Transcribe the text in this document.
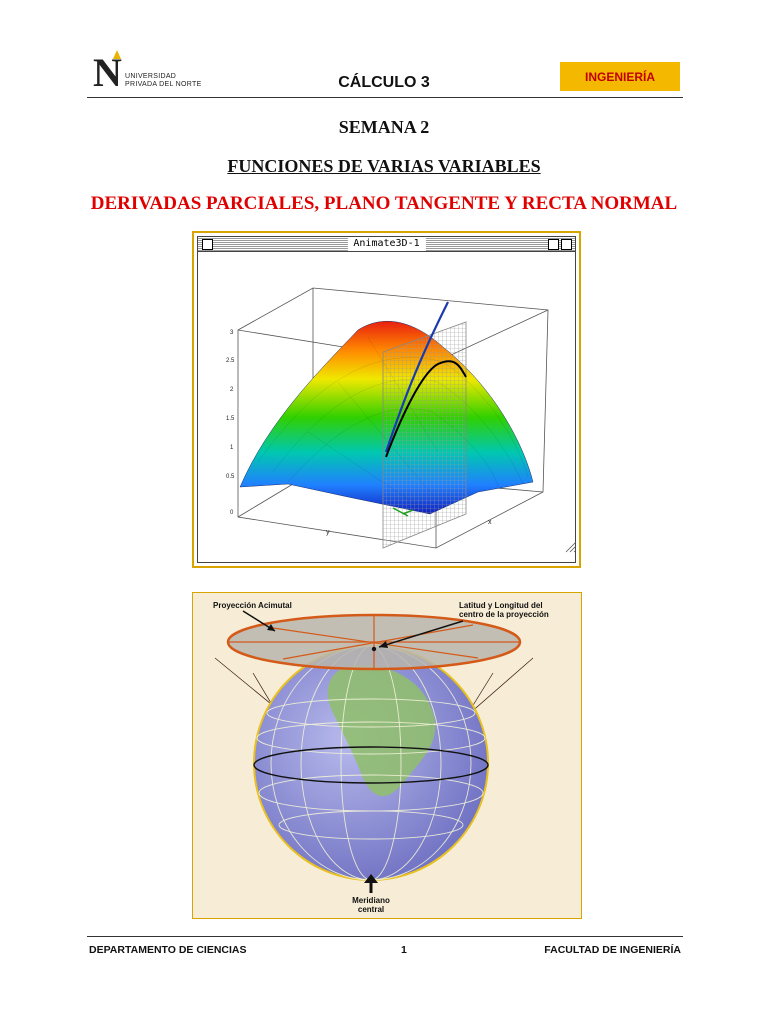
N UNIVERSIDAD
PRIVADA DEL NORTE	CÁLCULO 3	INGENIERÍA
SEMANA 2
FUNCIONES DE VARIAS VARIABLES
DERIVADAS PARCIALES, PLANO TANGENTE Y RECTA NORMAL
Animate3D-1
3
2.5
2
1.5
1
0.5
0
y
x
Proyección Acimutal	Latitud y Longitud del
centro de la proyección
Meridiano
central
DEPARTAMENTO DE CIENCIAS	1	FACULTAD DE INGENIERÍA
